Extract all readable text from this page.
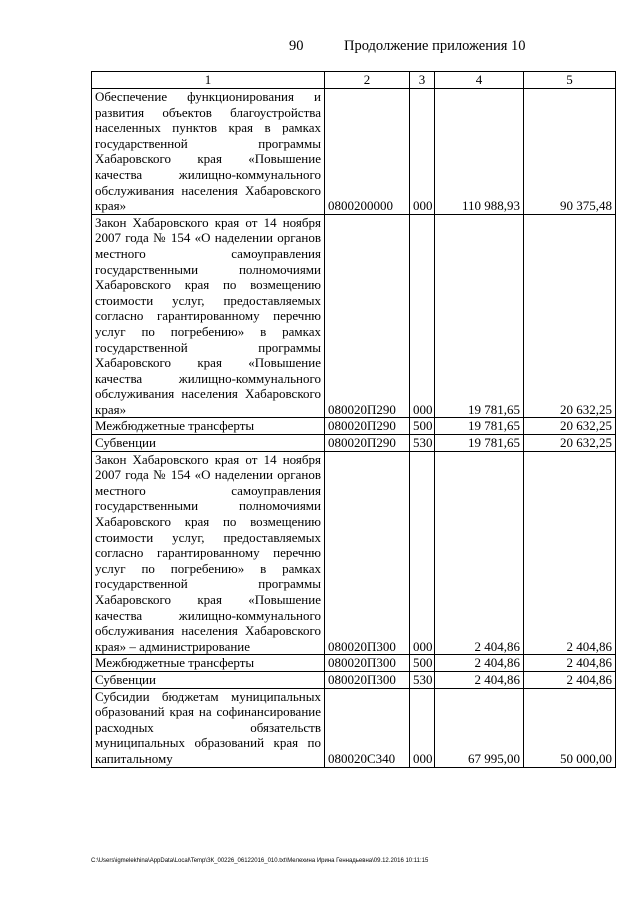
90	Продолжение приложения 10
1	2	3	4	5
Обеспечение функционирования и развития объектов благоустройства населенных пунктов края в рамках государственной программы Хабаровского края «Повышение качества жилищно-коммунального обслуживания населения Хабаровского края»	0800200000	000	110 988,93	90 375,48
Закон Хабаровского края от 14 ноября 2007 года № 154 «О наделении органов местного самоуправления государственными полномочиями Хабаровского края по возмещению стоимости услуг, предоставляемых согласно гарантированному перечню услуг по погребению» в рамках государственной программы Хабаровского края «Повышение качества жилищно-коммунального обслуживания населения Хабаровского края»	080020П290	000	19 781,65	20 632,25
Межбюджетные трансферты	080020П290	500	19 781,65	20 632,25
Субвенции	080020П290	530	19 781,65	20 632,25
Закон Хабаровского края от 14 ноября 2007 года № 154 «О наделении органов местного самоуправления государственными полномочиями Хабаровского края по возмещению стоимости услуг, предоставляемых согласно гарантированному перечню услуг по погребению» в рамках государственной программы Хабаровского края «Повышение качества жилищно-коммунального обслуживания населения Хабаровского края» – администрирование	080020П300	000	2 404,86	2 404,86
Межбюджетные трансферты	080020П300	500	2 404,86	2 404,86
Субвенции	080020П300	530	2 404,86	2 404,86
Субсидии бюджетам муниципальных образований края на софинансирование расходных обязательств муниципальных образований края по капитальному	080020С340	000	67 995,00	50 000,00
C:\Users\igmelekhina\AppData\Local\Temp\ЗК_00226_06122016_010.txt\Мелехина Ирина Геннадьевна\09.12.2016 10:11:15
